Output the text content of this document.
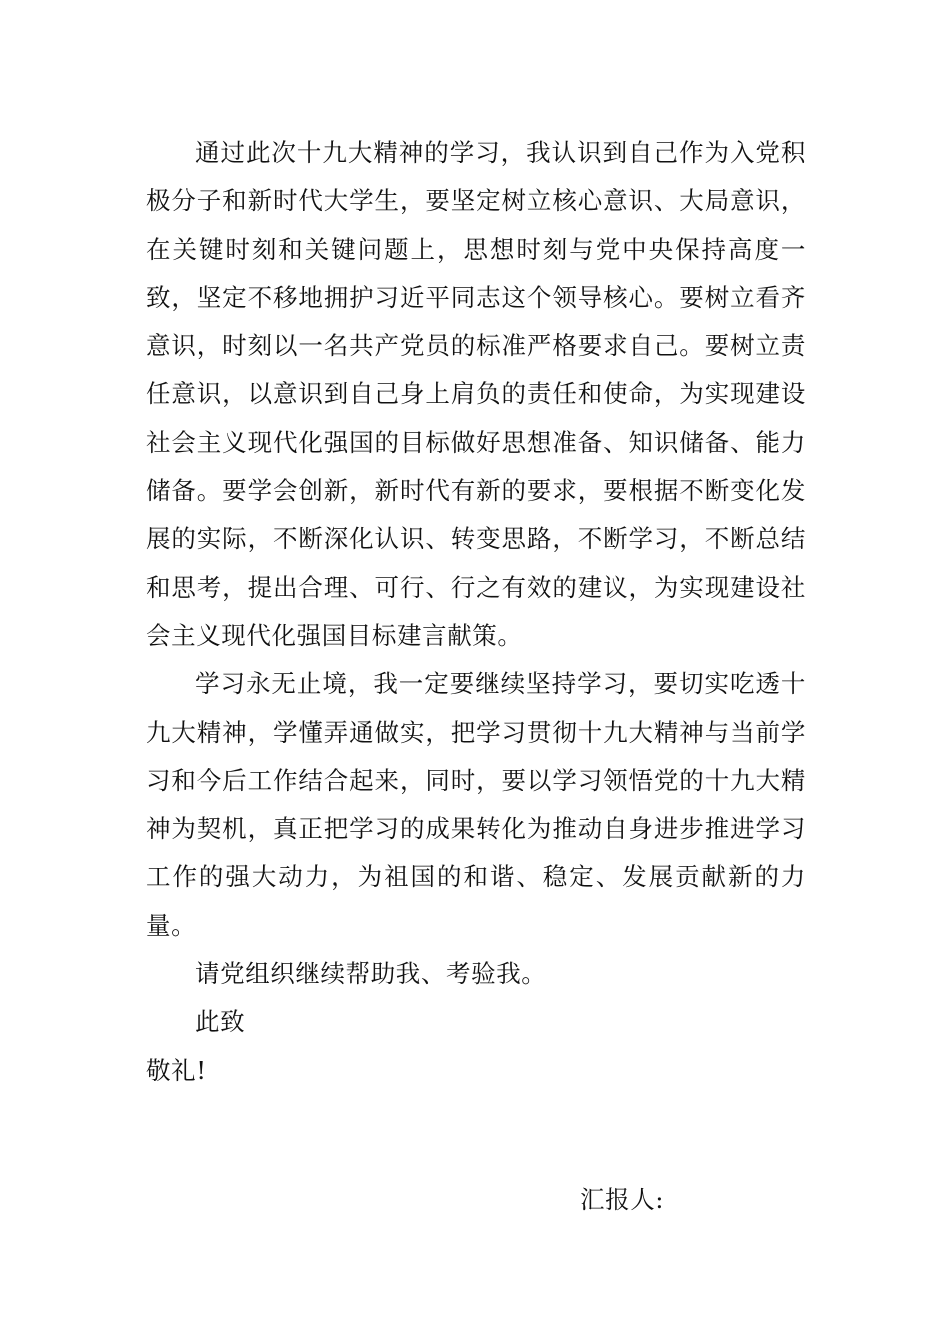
通过此次十九大精神的学习，我认识到自己作为入党积极分子和新时代大学生，要坚定树立核心意识、大局意识，在关键时刻和关键问题上，思想时刻与党中央保持高度一致，坚定不移地拥护习近平同志这个领导核心。要树立看齐意识，时刻以一名共产党员的标准严格要求自己。要树立责任意识，以意识到自己身上肩负的责任和使命，为实现建设社会主义现代化强国的目标做好思想准备、知识储备、能力储备。要学会创新，新时代有新的要求，要根据不断变化发展的实际，不断深化认识、转变思路，不断学习，不断总结和思考，提出合理、可行、行之有效的建议，为实现建设社会主义现代化强国目标建言献策。

学习永无止境，我一定要继续坚持学习，要切实吃透十九大精神，学懂弄通做实，把学习贯彻十九大精神与当前学习和今后工作结合起来，同时，要以学习领悟党的十九大精神为契机，真正把学习的成果转化为推动自身进步推进学习工作的强大动力，为祖国的和谐、稳定、发展贡献新的力量。

请党组织继续帮助我、考验我。

此致

敬礼!

汇报人:
